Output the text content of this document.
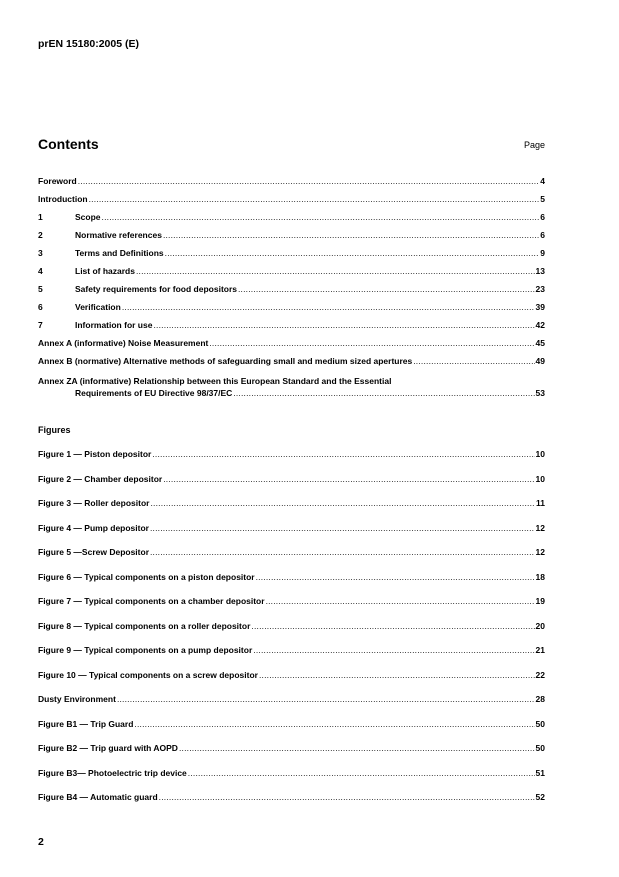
prEN 15180:2005 (E)
Contents	Page
Foreword .....	4
Introduction .....	5
1	Scope .....	6
2	Normative references .....	6
3	Terms and Definitions .....	9
4	List of hazards .....	13
5	Safety requirements for food depositors .....	23
6	Verification .....	39
7	Information for use .....	42
Annex A (informative) Noise Measurement .....	45
Annex B (normative) Alternative methods of safeguarding small and medium sized apertures .....	49
Annex ZA (informative) Relationship between this European Standard and the Essential
Requirements of EU Directive 98/37/EC .....	53
Figures
Figure 1 — Piston depositor .....	10
Figure 2 — Chamber depositor .....	10
Figure 3 — Roller depositor .....	11
Figure 4 — Pump depositor .....	12
Figure 5 —Screw Depositor .....	12
Figure 6 — Typical components on a piston depositor .....	18
Figure 7 — Typical components on a chamber depositor .....	19
Figure 8 — Typical components on a roller depositor .....	20
Figure 9 — Typical components on a pump depositor .....	21
Figure 10 — Typical components on a screw depositor .....	22
Dusty Environment .....	28
Figure B1 — Trip Guard .....	50
Figure B2 — Trip guard with AOPD .....	50
Figure B3— Photoelectric trip device .....	51
Figure B4 — Automatic guard .....	52
2
